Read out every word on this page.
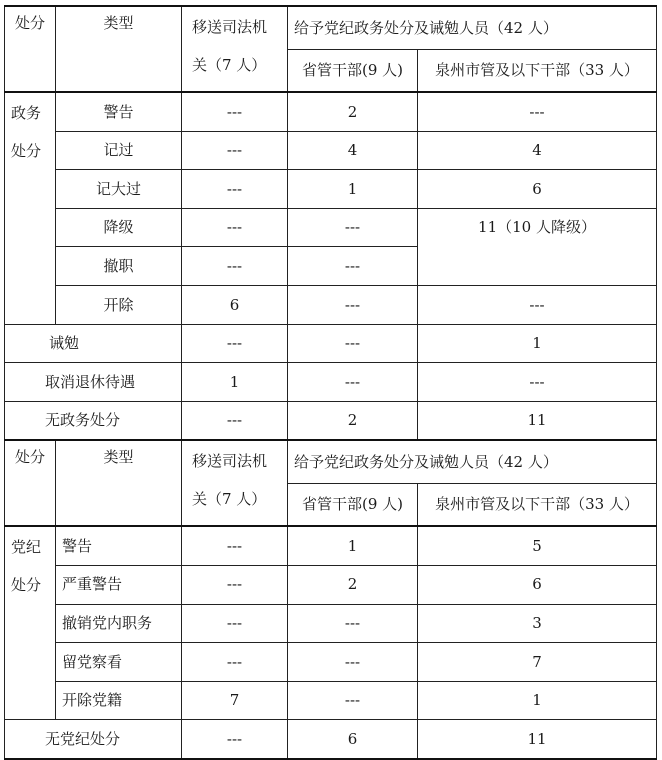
处分	类型	移送司法机
关（7 人）	给予党纪政务处分及诫勉人员（42 人）	
			省管干部(9 人)	泉州市管及以下干部（33 人）

政务
处分	警告	---	2	---
	记过	---	4	4
	记大过	---	1	6
	降级	---	---	11（10 人降级）
	撤职	---	---	
	开除	6	---	---
诫勉		---	---	1
取消退休待遇		1	---	---
无政务处分		---	2	11
处分	类型	移送司法机
关（7 人）	给予党纪政务处分及诫勉人员（42 人）	
			省管干部(9 人)	泉州市管及以下干部（33 人）

党纪
处分	警告	---	1	5
	严重警告	---	2	6
	撤销党内职务	---	---	3
	留党察看	---	---	7
	开除党籍	7	---	1
无党纪处分		---	6	11
